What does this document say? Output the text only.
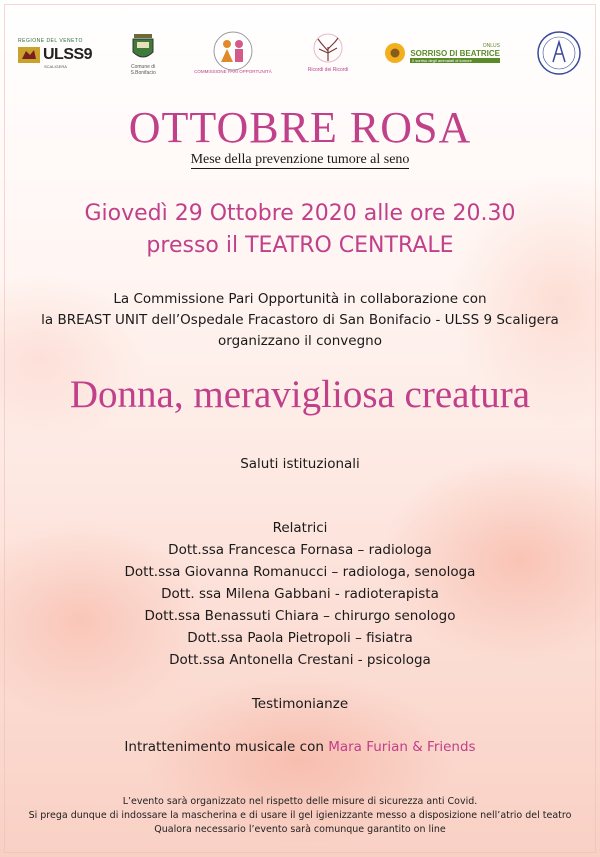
REGIONE DEL VENETO
ULSS9
SCALIGERA	Comune di
S.Bonifacio	COMMISSIONE PARI OPPORTUNITÀ	Ricordi dei Ricordi
ONLUS
SORRISO DI BEATRICE
il sorriso degli ammalati di tumore
OTTOBRE ROSA
Mese della prevenzione tumore al seno
Giovedì 29 Ottobre 2020 alle ore 20.30
presso il TEATRO CENTRALE
La Commissione Pari Opportunità in collaborazione con
la BREAST UNIT dell’Ospedale Fracastoro di San Bonifacio - ULSS 9 Scaligera
organizzano il convegno
Donna, meravigliosa creatura
Saluti istituzionali
Relatrici
Dott.ssa Francesca Fornasa – radiologa
Dott.ssa Giovanna Romanucci – radiologa, senologa
Dott. ssa Milena Gabbani - radioterapista
Dott.ssa Benassuti Chiara – chirurgo senologo
Dott.ssa Paola Pietropoli – fisiatra
Dott.ssa Antonella Crestani - psicologa
Testimonianze
Intrattenimento musicale con Mara Furian & Friends
L’evento sarà organizzato nel rispetto delle misure di sicurezza anti Covid.
Si prega dunque di indossare la mascherina e di usare il gel igienizzante messo a disposizione nell’atrio del teatro
Qualora necessario l’evento sarà comunque garantito on line
